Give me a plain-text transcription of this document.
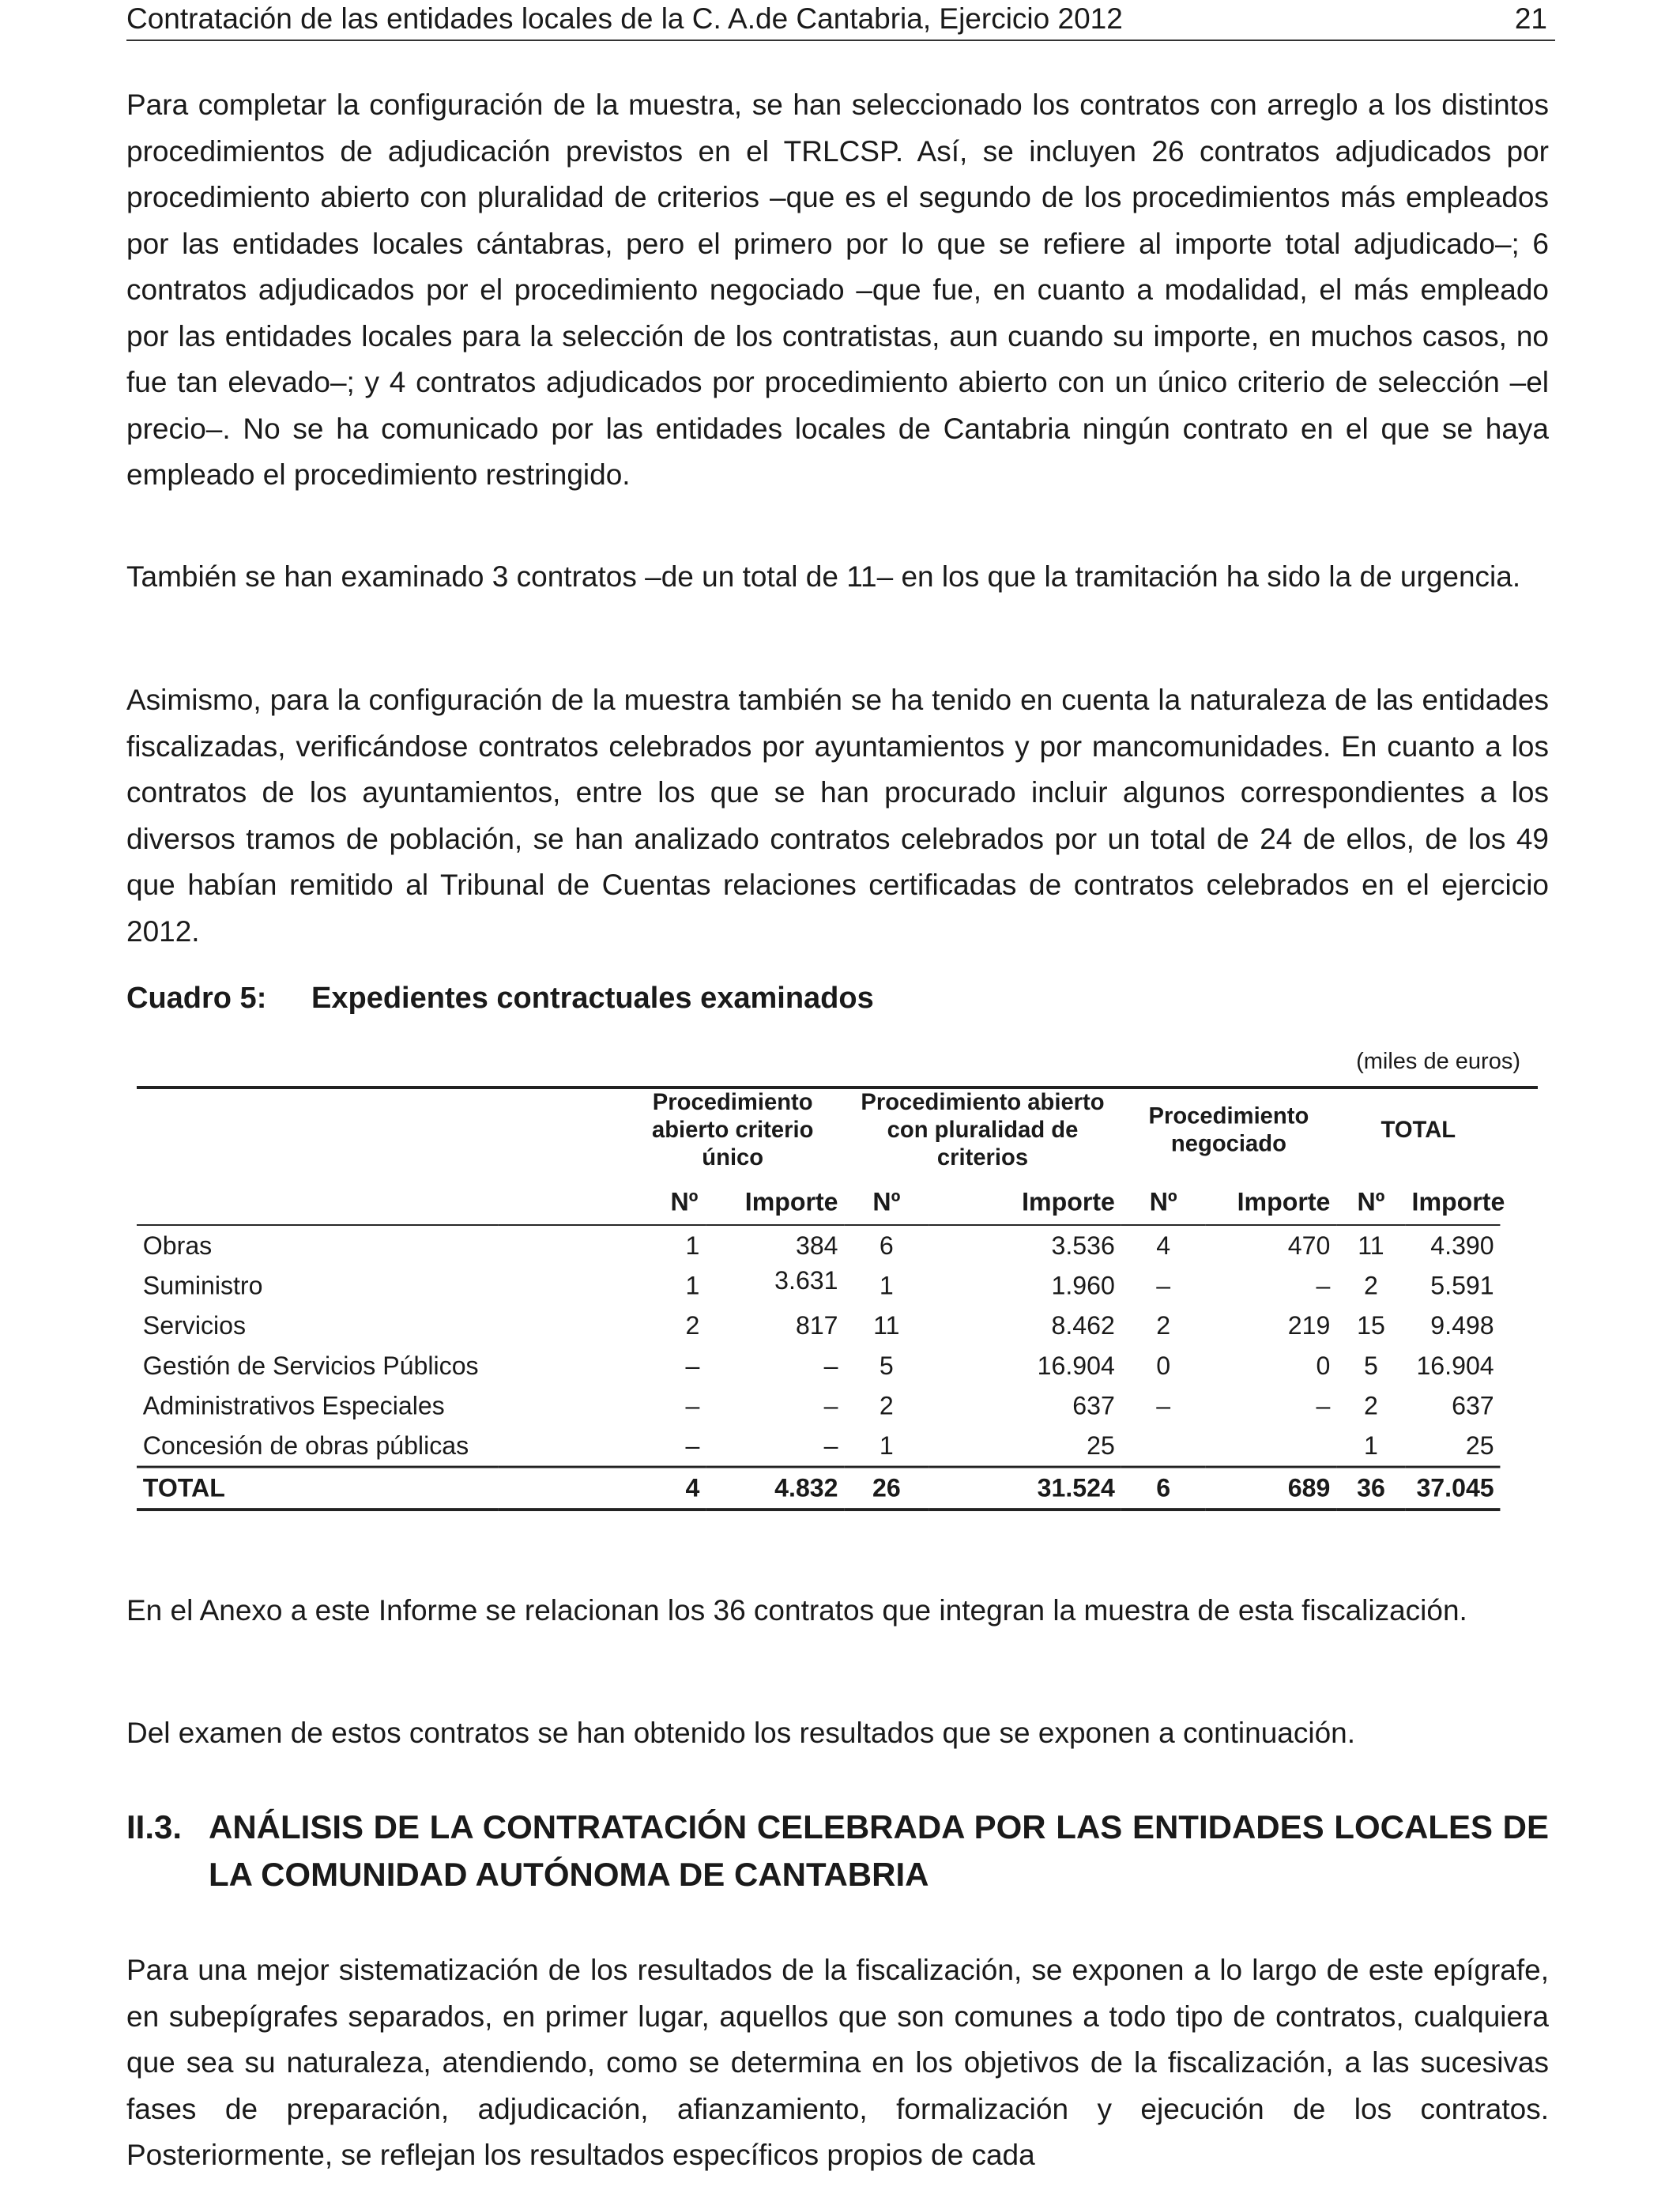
Contratación de las entidades locales de la C. A.de Cantabria, Ejercicio 2012	21

Para completar la configuración de la muestra, se han seleccionado los contratos con arreglo a los distintos procedimientos de adjudicación previstos en el TRLCSP. Así, se incluyen 26 contratos adjudicados por procedimiento abierto con pluralidad de criterios –que es el segundo de los procedimientos más empleados por las entidades locales cántabras, pero el primero por lo que se refiere al importe total adjudicado–; 6 contratos adjudicados por el procedimiento negociado –que fue, en cuanto a modalidad, el más empleado por las entidades locales para la selección de los contratistas, aun cuando su importe, en muchos casos, no fue tan elevado–; y 4 contratos adjudicados por procedimiento abierto con un único criterio de selección –el precio–. No se ha comunicado por las entidades locales de Cantabria ningún contrato en el que se haya empleado el procedimiento restringido.

También se han examinado 3 contratos –de un total de 11– en los que la tramitación ha sido la de urgencia.

Asimismo, para la configuración de la muestra también se ha tenido en cuenta la naturaleza de las entidades fiscalizadas, verificándose contratos celebrados por ayuntamientos y por mancomunidades. En cuanto a los contratos de los ayuntamientos, entre los que se han procurado incluir algunos correspondientes a los diversos tramos de población, se han analizado contratos celebrados por un total de 24 de ellos, de los 49 que habían remitido al Tribunal de Cuentas relaciones certificadas de contratos celebrados en el ejercicio 2012.

Cuadro 5: Expedientes contractuales examinados
(miles de euros)
	Procedimiento abierto criterio único		Procedimiento abierto con pluralidad de criterios		Procedimiento negociado		TOTAL	
	Nº	Importe	Nº	Importe	Nº	Importe	Nº	Importe
Obras	1	384	6	3.536	4	470	11	4.390
Suministro	1	3.631	1	1.960	–	–	2	5.591
Servicios	2	817	11	8.462	2	219	15	9.498
Gestión de Servicios Públicos	–	–	5	16.904	0	0	5	16.904
Administrativos Especiales	–	–	2	637	–	–	2	637
Concesión de obras públicas	–	–	1	25			1	25
TOTAL	4	4.832	26	31.524	6	689	36	37.045

En el Anexo a este Informe se relacionan los 36 contratos que integran la muestra de esta fiscalización.

Del examen de estos contratos se han obtenido los resultados que se exponen a continuación.

II.3. ANÁLISIS DE LA CONTRATACIÓN CELEBRADA POR LAS ENTIDADES LOCALES DE LA COMUNIDAD AUTÓNOMA DE CANTABRIA

Para una mejor sistematización de los resultados de la fiscalización, se exponen a lo largo de este epígrafe, en subepígrafes separados, en primer lugar, aquellos que son comunes a todo tipo de contratos, cualquiera que sea su naturaleza, atendiendo, como se determina en los objetivos de la fiscalización, a las sucesivas fases de preparación, adjudicación, afianzamiento, formalización y ejecución de los contratos. Posteriormente, se reflejan los resultados específicos propios de cada
